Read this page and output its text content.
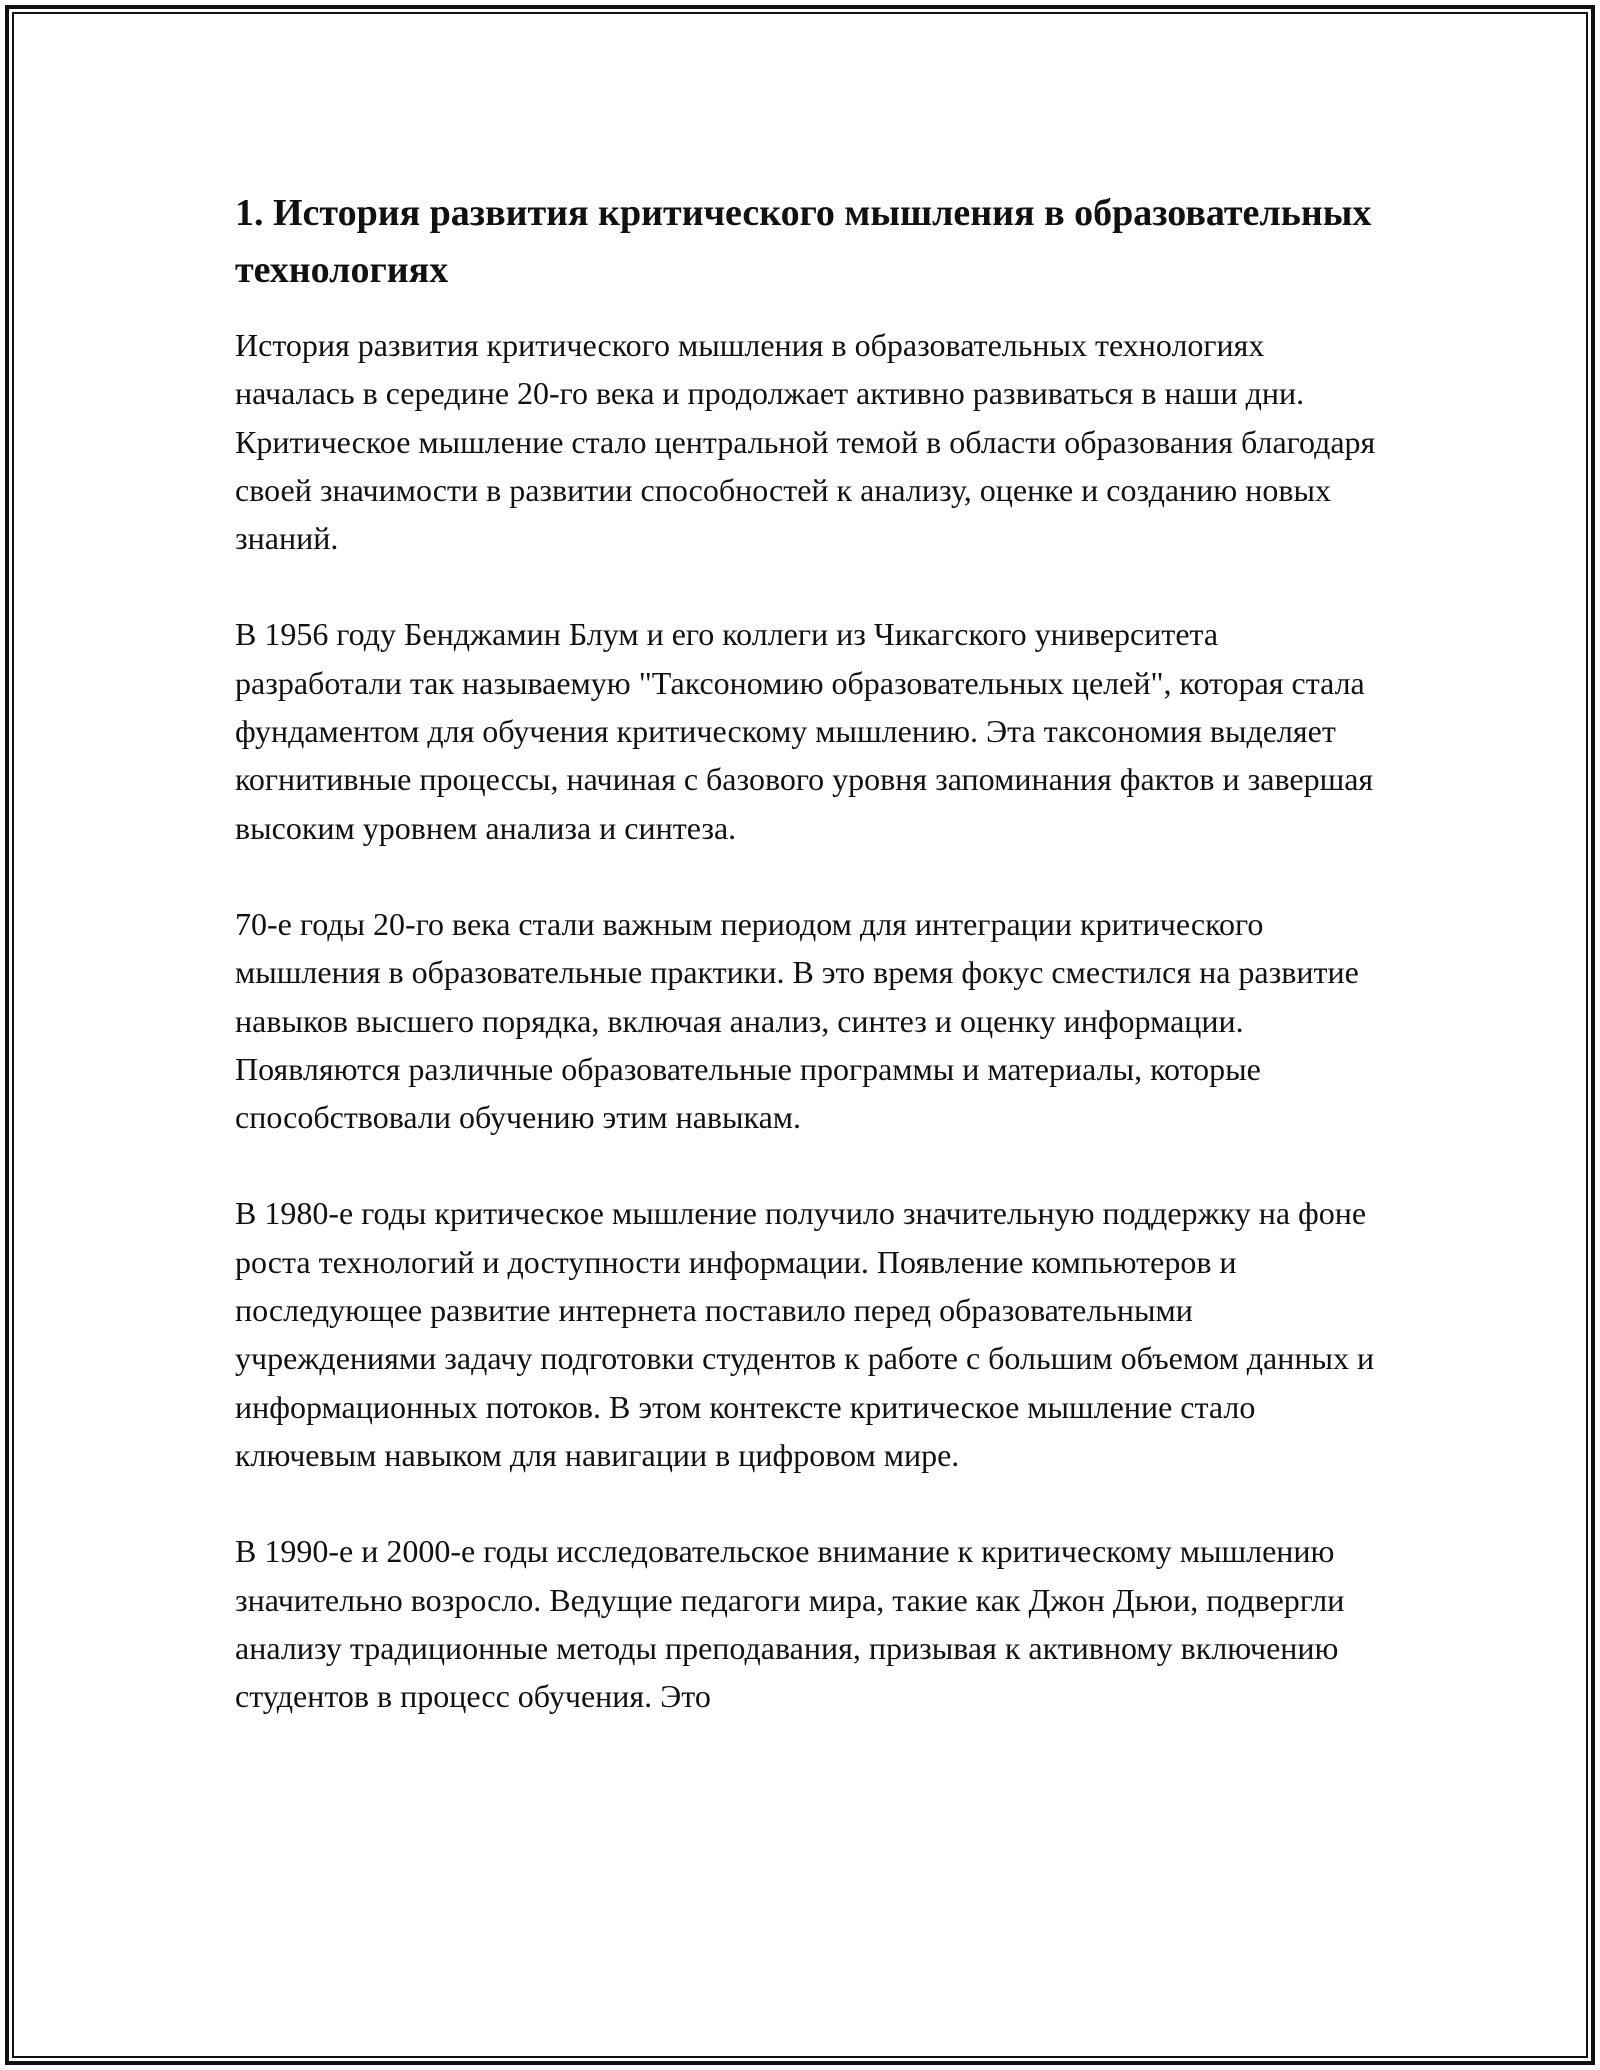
1. История развития критического мышления в образовательных технологиях

История развития критического мышления в образовательных технологиях началась в середине 20-го века и продолжает активно развиваться в наши дни. Критическое мышление стало центральной темой в области образования благодаря своей значимости в развитии способностей к анализу, оценке и созданию новых знаний.

В 1956 году Бенджамин Блум и его коллеги из Чикагского университета разработали так называемую "Таксономию образовательных целей", которая стала фундаментом для обучения критическому мышлению. Эта таксономия выделяет когнитивные процессы, начиная с базового уровня запоминания фактов и завершая высоким уровнем анализа и синтеза.

70-е годы 20-го века стали важным периодом для интеграции критического мышления в образовательные практики. В это время фокус сместился на развитие навыков высшего порядка, включая анализ, синтез и оценку информации. Появляются различные образовательные программы и материалы, которые способствовали обучению этим навыкам.

В 1980-е годы критическое мышление получило значительную поддержку на фоне роста технологий и доступности информации. Появление компьютеров и последующее развитие интернета поставило перед образовательными учреждениями задачу подготовки студентов к работе с большим объемом данных и информационных потоков. В этом контексте критическое мышление стало ключевым навыком для навигации в цифровом мире.

В 1990-е и 2000-е годы исследовательское внимание к критическому мышлению значительно возросло. Ведущие педагоги мира, такие как Джон Дьюи, подвергли анализу традиционные методы преподавания, призывая к активному включению студентов в процесс обучения. Это
